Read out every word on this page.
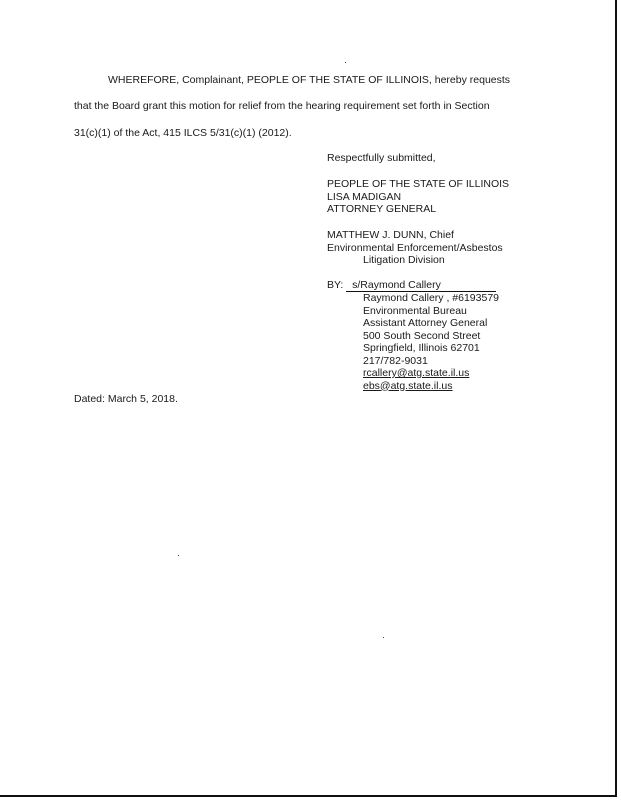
WHEREFORE, Complainant, PEOPLE OF THE STATE OF ILLINOIS, hereby requests
that the Board grant this motion for relief from the hearing requirement set forth in Section
31(c)(1) of the Act, 415 ILCS 5/31(c)(1) (2012).
Respectfully submitted,
PEOPLE OF THE STATE OF ILLINOIS
LISA MADIGAN
ATTORNEY GENERAL
MATTHEW J. DUNN, Chief
Environmental Enforcement/Asbestos
Litigation Division
BY: s/Raymond Callery
Raymond Callery , #6193579
Environmental Bureau
Assistant Attorney General
500 South Second Street
Springfield, Illinois 62701
217/782-9031
rcallery@atg.state.il.us
ebs@atg.state.il.us
Dated: March 5, 2018.
